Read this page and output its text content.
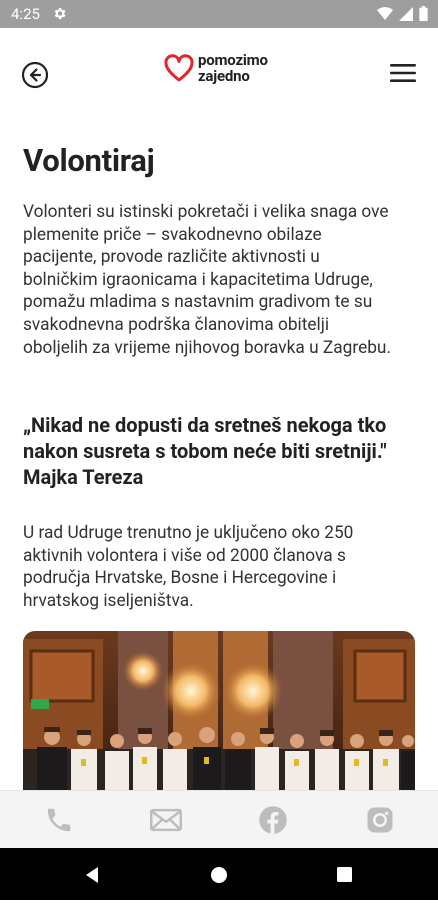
4:25
pomozimo
zajedno
Volontiraj

Volonteri su istinski pokretači i velika snaga ove plemenite priče – svakodnevno obilaze pacijente, provode različite aktivnosti u bolničkim igraonicama i kapacitetima Udruge, pomažu mladima s nastavnim gradivom te su svakodnevna podrška članovima obitelji oboljelih za vrijeme njihovog boravka u Zagrebu.

„Nikad ne dopusti da sretneš nekoga tko nakon susreta s tobom neće biti sretniji." Majka Tereza

U rad Udruge trenutno je uključeno oko 250 aktivnih volontera i više od 2000 članova s područja Hrvatske, Bosne i Hercegovine i hrvatskog iseljeništva.
